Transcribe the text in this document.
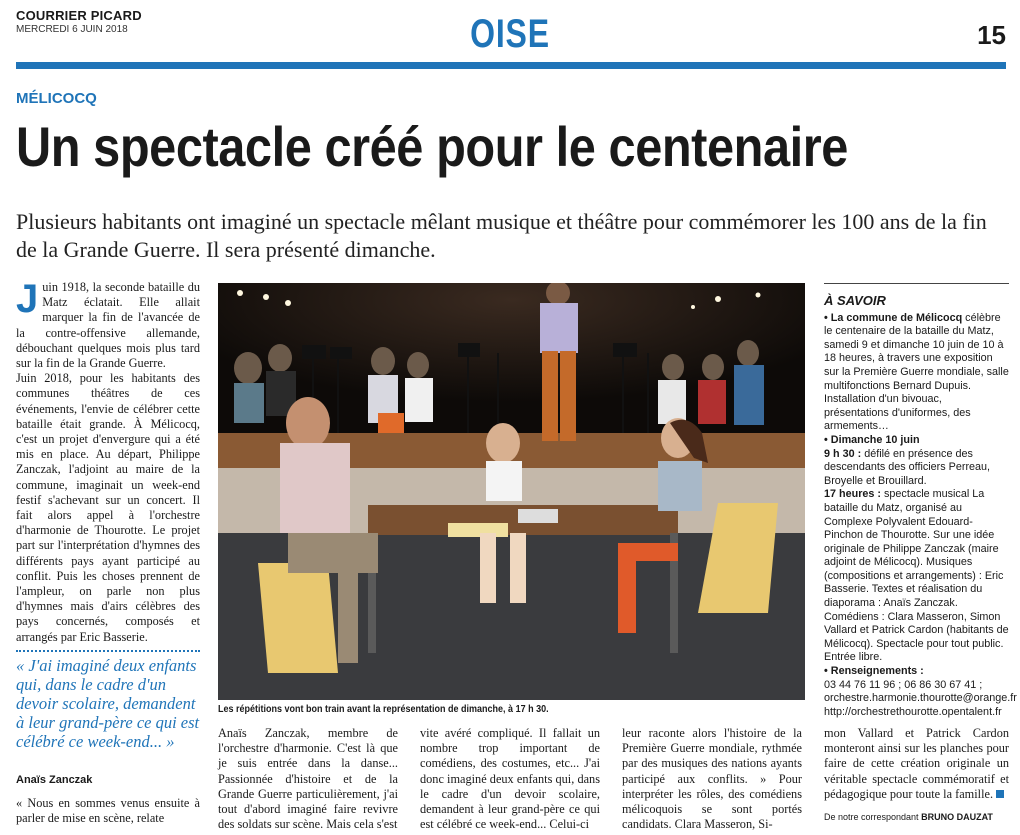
COURRIER PICARD
MERCREDI 6 JUIN 2018	OISE	15
MÉLICOCQ
Un spectacle créé pour le centenaire
Plusieurs habitants ont imaginé un spectacle mêlant musique et théâtre pour commémorer les 100 ans de la fin de la Grande Guerre. Il sera présenté dimanche.
J uin 1918, la seconde bataille du Matz éclatait. Elle allait marquer la fin de l'avancée de la contre-offensive allemande, débouchant quelques mois plus tard sur la fin de la Grande Guerre.

Juin 2018, pour les habitants des communes théâtres de ces événements, l'envie de célébrer cette bataille était grande. À Mélicocq, c'est un projet d'envergure qui a été mis en place. Au départ, Philippe Zanczak, l'adjoint au maire de la commune, imaginait un week-end festif s'achevant sur un concert. Il fait alors appel à l'orchestre d'harmonie de Thourotte. Le projet part sur l'interprétation d'hymnes des différents pays ayant participé au conflit. Puis les choses prennent de l'ampleur, on parle non plus d'hymnes mais d'airs célèbres des pays concernés, composés et arrangés par Eric Basserie.

« J'ai imaginé deux enfants qui, dans le cadre d'un devoir scolaire, demandent à leur grand-père ce qui est célébré ce week-end... »
Anaïs Zanczak
« Nous en sommes venus ensuite à parler de mise en scène, relate
Les répétitions vont bon train avant la représentation de dimanche, à 17 h 30.
Anaïs Zanczak, membre de l'orchestre d'harmonie. C'est là que je suis entrée dans la danse... Passionnée d'histoire et de la Grande Guerre particulièrement, j'ai tout d'abord imaginé faire revivre des soldats sur scène. Mais cela s'est
vite avéré compliqué. Il fallait un nombre trop important de comédiens, des costumes, etc... J'ai donc imaginé deux enfants qui, dans le cadre d'un devoir scolaire, demandent à leur grand-père ce qui est célébré ce week-end... Celui-ci
leur raconte alors l'histoire de la Première Guerre mondiale, rythmée par des musiques des nations ayants participé aux conflits. » Pour interpréter les rôles, des comédiens mélicoquois se sont portés candidats. Clara Masseron, Si-
À SAVOIR

• La commune de Mélicocq célèbre le centenaire de la bataille du Matz, samedi 9 et dimanche 10 juin de 10 à 18 heures, à travers une exposition sur la Première Guerre mondiale, salle multifonctions Bernard Dupuis. Installation d'un bivouac, présentations d'uniformes, des armements…

• Dimanche 10 juin

9 h 30 : défilé en présence des descendants des officiers Perreau, Broyelle et Brouillard.

17 heures : spectacle musical La bataille du Matz, organisé au Complexe Polyvalent Edouard-Pinchon de Thourotte. Sur une idée originale de Philippe Zanczak (maire adjoint de Mélicocq). Musiques (compositions et arrangements) : Eric Basserie. Textes et réalisation du diaporama : Anaïs Zanczak. Comédiens : Clara Masseron, Simon Vallard et Patrick Cardon (habitants de Mélicocq). Spectacle pour tout public. Entrée libre.

• Renseignements :

03 44 76 11 96 ; 06 86 30 67 41 ;

orchestre.harmonie.thourotte@orange.fr

http://orchestrethourotte.opentalent.fr

mon Vallard et Patrick Cardon monteront ainsi sur les planches pour faire de cette création originale un véritable spectacle commémoratif et pédagogique pour toute la famille.
De notre correspondant BRUNO DAUZAT
